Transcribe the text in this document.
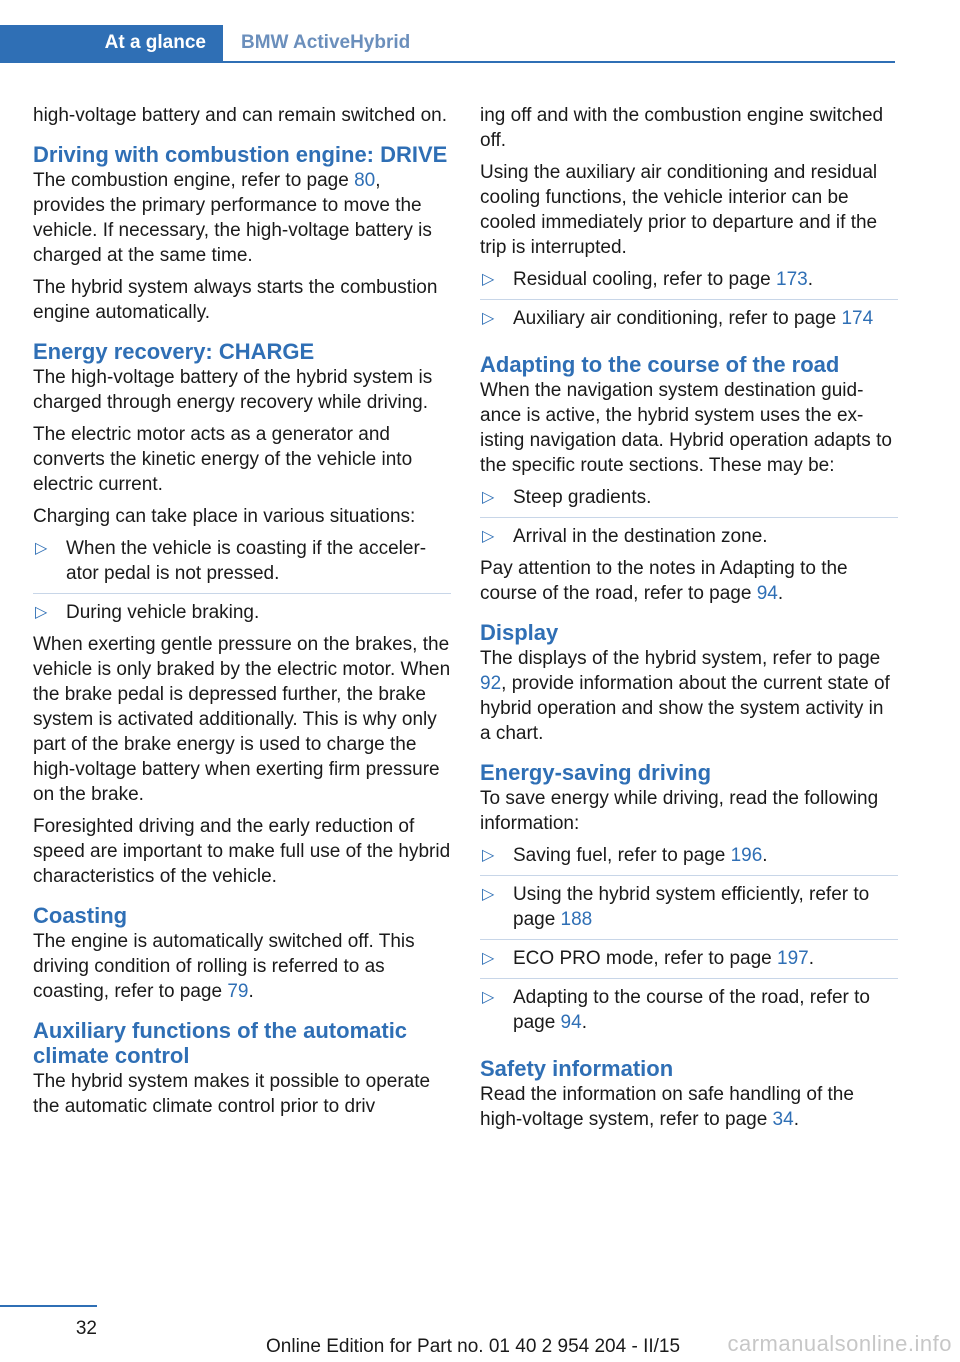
At a glance	BMW ActiveHybrid

high-voltage battery and can remain switched on.

Driving with combustion engine: DRIVE

The combustion engine, refer to page 80, provides the primary performance to move the vehicle. If necessary, the high-voltage battery is charged at the same time.

The hybrid system always starts the combustion engine automatically.

Energy recovery: CHARGE

The high-voltage battery of the hybrid system is charged through energy recovery while driving.

The electric motor acts as a generator and converts the kinetic energy of the vehicle into electric current.

Charging can take place in various situations:

▷ When the vehicle is coasting if the accelerator pedal is not pressed.
▷ During vehicle braking.

When exerting gentle pressure on the brakes, the vehicle is only braked by the electric motor. When the brake pedal is depressed further, the brake system is activated additionally. This is why only part of the brake energy is used to charge the high-voltage battery when exerting firm pressure on the brake.

Foresighted driving and the early reduction of speed are important to make full use of the hybrid characteristics of the vehicle.

Coasting

The engine is automatically switched off. This driving condition of rolling is referred to as coasting, refer to page 79.

Auxiliary functions of the automatic climate control

The hybrid system makes it possible to operate the automatic climate control prior to driv

ing off and with the combustion engine switched off.

Using the auxiliary air conditioning and residual cooling functions, the vehicle interior can be cooled immediately prior to departure and if the trip is interrupted.

▷ Residual cooling, refer to page 173.
▷ Auxiliary air conditioning, refer to page 174
Adapting to the course of the road

When the navigation system destination guidance is active, the hybrid system uses the existing navigation data. Hybrid operation adapts to the specific route sections. These may be:

▷ Steep gradients.
▷ Arrival in the destination zone.

Pay attention to the notes in Adapting to the course of the road, refer to page 94.

Display

The displays of the hybrid system, refer to page 92, provide information about the current state of hybrid operation and show the system activity in a chart.

Energy-saving driving

To save energy while driving, read the following information:

▷ Saving fuel, refer to page 196.
▷ Using the hybrid system efficiently, refer to page 188
▷ ECO PRO mode, refer to page 197.
▷ Adapting to the course of the road, refer to page 94.
Safety information

Read the information on safe handling of the high-voltage system, refer to page 34.

32
Online Edition for Part no. 01 40 2 954 204 - II/15 carmanualsonline.info
